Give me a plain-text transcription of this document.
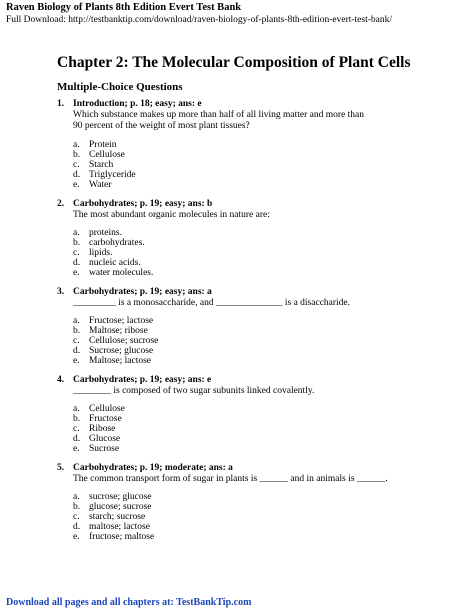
Raven Biology of Plants 8th Edition Evert Test Bank
Full Download: http://testbanktip.com/download/raven-biology-of-plants-8th-edition-evert-test-bank/
Chapter 2: The Molecular Composition of Plant Cells
Multiple-Choice Questions
1. Introduction; p. 18; easy; ans: e
Which substance makes up more than half of all living matter and more than 90 percent of the weight of most plant tissues?
a. Protein
b. Cellulose
c. Starch
d. Triglyceride
e. Water
2. Carbohydrates; p. 19; easy; ans: b
The most abundant organic molecules in nature are:
a. proteins.
b. carbohydrates.
c. lipids.
d. nucleic acids.
e. water molecules.
3. Carbohydrates; p. 19; easy; ans: a
_________ is a monosaccharide, and ______________ is a disaccharide.
a. Fructose; lactose
b. Maltose; ribose
c. Cellulose; sucrose
d. Sucrose; glucose
e. Maltose; lactose
4. Carbohydrates; p. 19; easy; ans: e
________ is composed of two sugar subunits linked covalently.
a. Cellulose
b. Fructose
c. Ribose
d. Glucose
e. Sucrose
5. Carbohydrates; p. 19; moderate; ans: a
The common transport form of sugar in plants is ______ and in animals is ______.
a. sucrose; glucose
b. glucose; sucrose
c. starch; sucrose
d. maltose; lactose
e. fructose; maltose
Download all pages and all chapters at: TestBankTip.com
